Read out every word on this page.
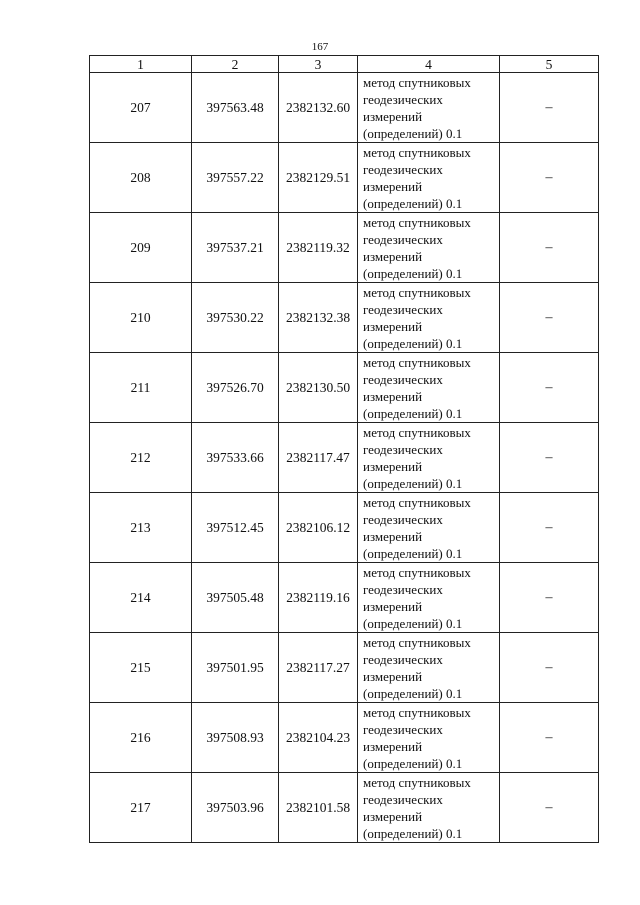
167
1	2	3	4	5
207	397563.48	2382132.60	метод спутниковых
геодезических
измерений
(определений) 0.1	–
208	397557.22	2382129.51	метод спутниковых
геодезических
измерений
(определений) 0.1	–
209	397537.21	2382119.32	метод спутниковых
геодезических
измерений
(определений) 0.1	–
210	397530.22	2382132.38	метод спутниковых
геодезических
измерений
(определений) 0.1	–
211	397526.70	2382130.50	метод спутниковых
геодезических
измерений
(определений) 0.1	–
212	397533.66	2382117.47	метод спутниковых
геодезических
измерений
(определений) 0.1	–
213	397512.45	2382106.12	метод спутниковых
геодезических
измерений
(определений) 0.1	–
214	397505.48	2382119.16	метод спутниковых
геодезических
измерений
(определений) 0.1	–
215	397501.95	2382117.27	метод спутниковых
геодезических
измерений
(определений) 0.1	–
216	397508.93	2382104.23	метод спутниковых
геодезических
измерений
(определений) 0.1	–
217	397503.96	2382101.58	метод спутниковых
геодезических
измерений
(определений) 0.1	–
